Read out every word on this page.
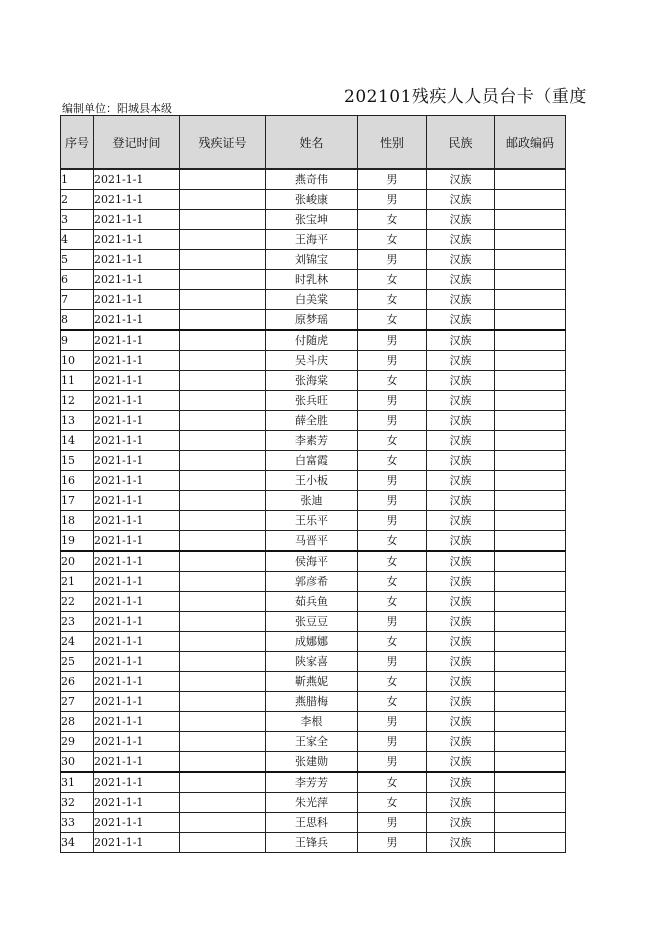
202101残疾人人员台卡（重度
编制单位：阳城县本级
序号	登记时间	残疾证号	姓名	性别	民族	邮政编码
1	2021-1-1		燕奇伟	男	汉族	
2	2021-1-1		张峻康	男	汉族	
3	2021-1-1		张宝坤	女	汉族	
4	2021-1-1		王海平	女	汉族	
5	2021-1-1		刘锦宝	男	汉族	
6	2021-1-1		时乳林	女	汉族	
7	2021-1-1		白美棠	女	汉族	
8	2021-1-1		原梦瑶	女	汉族	
9	2021-1-1		付随虎	男	汉族	
10	2021-1-1		吴斗庆	男	汉族	
11	2021-1-1		张海棠	女	汉族	
12	2021-1-1		张兵旺	男	汉族	
13	2021-1-1		薛全胜	男	汉族	
14	2021-1-1		李素芳	女	汉族	
15	2021-1-1		白富霞	女	汉族	
16	2021-1-1		王小板	男	汉族	
17	2021-1-1		张迪	男	汉族	
18	2021-1-1		王乐平	男	汉族	
19	2021-1-1		马晋平	女	汉族	
20	2021-1-1		侯海平	女	汉族	
21	2021-1-1		郭彦希	女	汉族	
22	2021-1-1		茹兵鱼	女	汉族	
23	2021-1-1		张豆豆	男	汉族	
24	2021-1-1		成娜娜	女	汉族	
25	2021-1-1		陕家喜	男	汉族	
26	2021-1-1		靳燕妮	女	汉族	
27	2021-1-1		燕腊梅	女	汉族	
28	2021-1-1		李根	男	汉族	
29	2021-1-1		王家全	男	汉族	
30	2021-1-1		张建勋	男	汉族	
31	2021-1-1		李芳芳	女	汉族	
32	2021-1-1		朱光萍	女	汉族	
33	2021-1-1		王思科	男	汉族	
34	2021-1-1		王锋兵	男	汉族	
